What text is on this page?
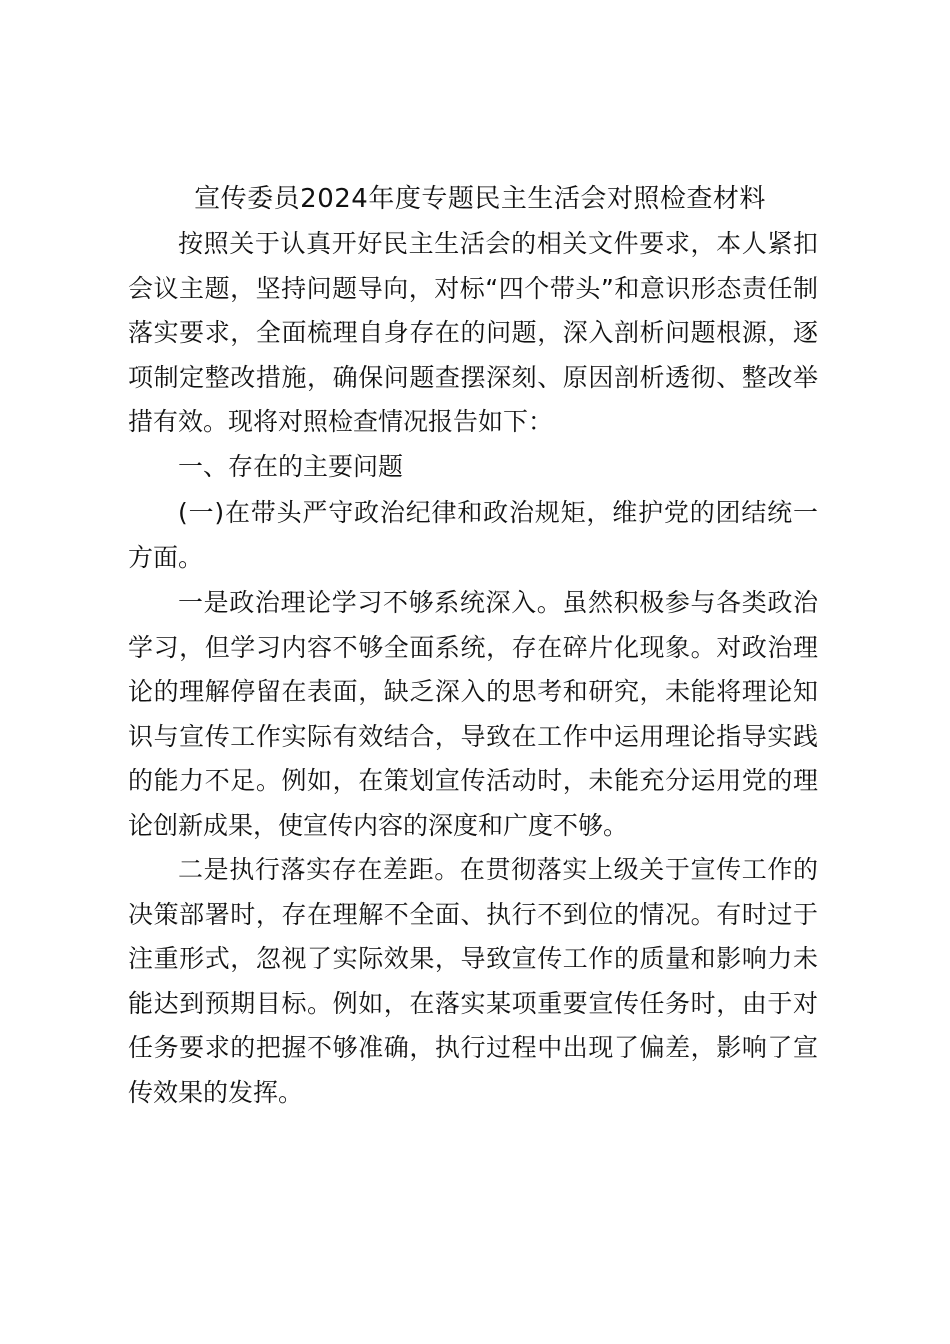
宣传委员2024年度专题民主生活会对照检查材料

按照关于认真开好民主生活会的相关文件要求，本人紧扣会议主题，坚持问题导向，对标“四个带头”和意识形态责任制落实要求，全面梳理自身存在的问题，深入剖析问题根源，逐项制定整改措施，确保问题查摆深刻、原因剖析透彻、整改举措有效。现将对照检查情况报告如下：

一、存在的主要问题

(一)在带头严守政治纪律和政治规矩，维护党的团结统一方面。

一是政治理论学习不够系统深入。虽然积极参与各类政治学习，但学习内容不够全面系统，存在碎片化现象。对政治理论的理解停留在表面，缺乏深入的思考和研究，未能将理论知识与宣传工作实际有效结合，导致在工作中运用理论指导实践的能力不足。例如，在策划宣传活动时，未能充分运用党的理论创新成果，使宣传内容的深度和广度不够。

二是执行落实存在差距。在贯彻落实上级关于宣传工作的决策部署时，存在理解不全面、执行不到位的情况。有时过于注重形式，忽视了实际效果，导致宣传工作的质量和影响力未能达到预期目标。例如，在落实某项重要宣传任务时，由于对任务要求的把握不够准确，执行过程中出现了偏差，影响了宣传效果的发挥。
